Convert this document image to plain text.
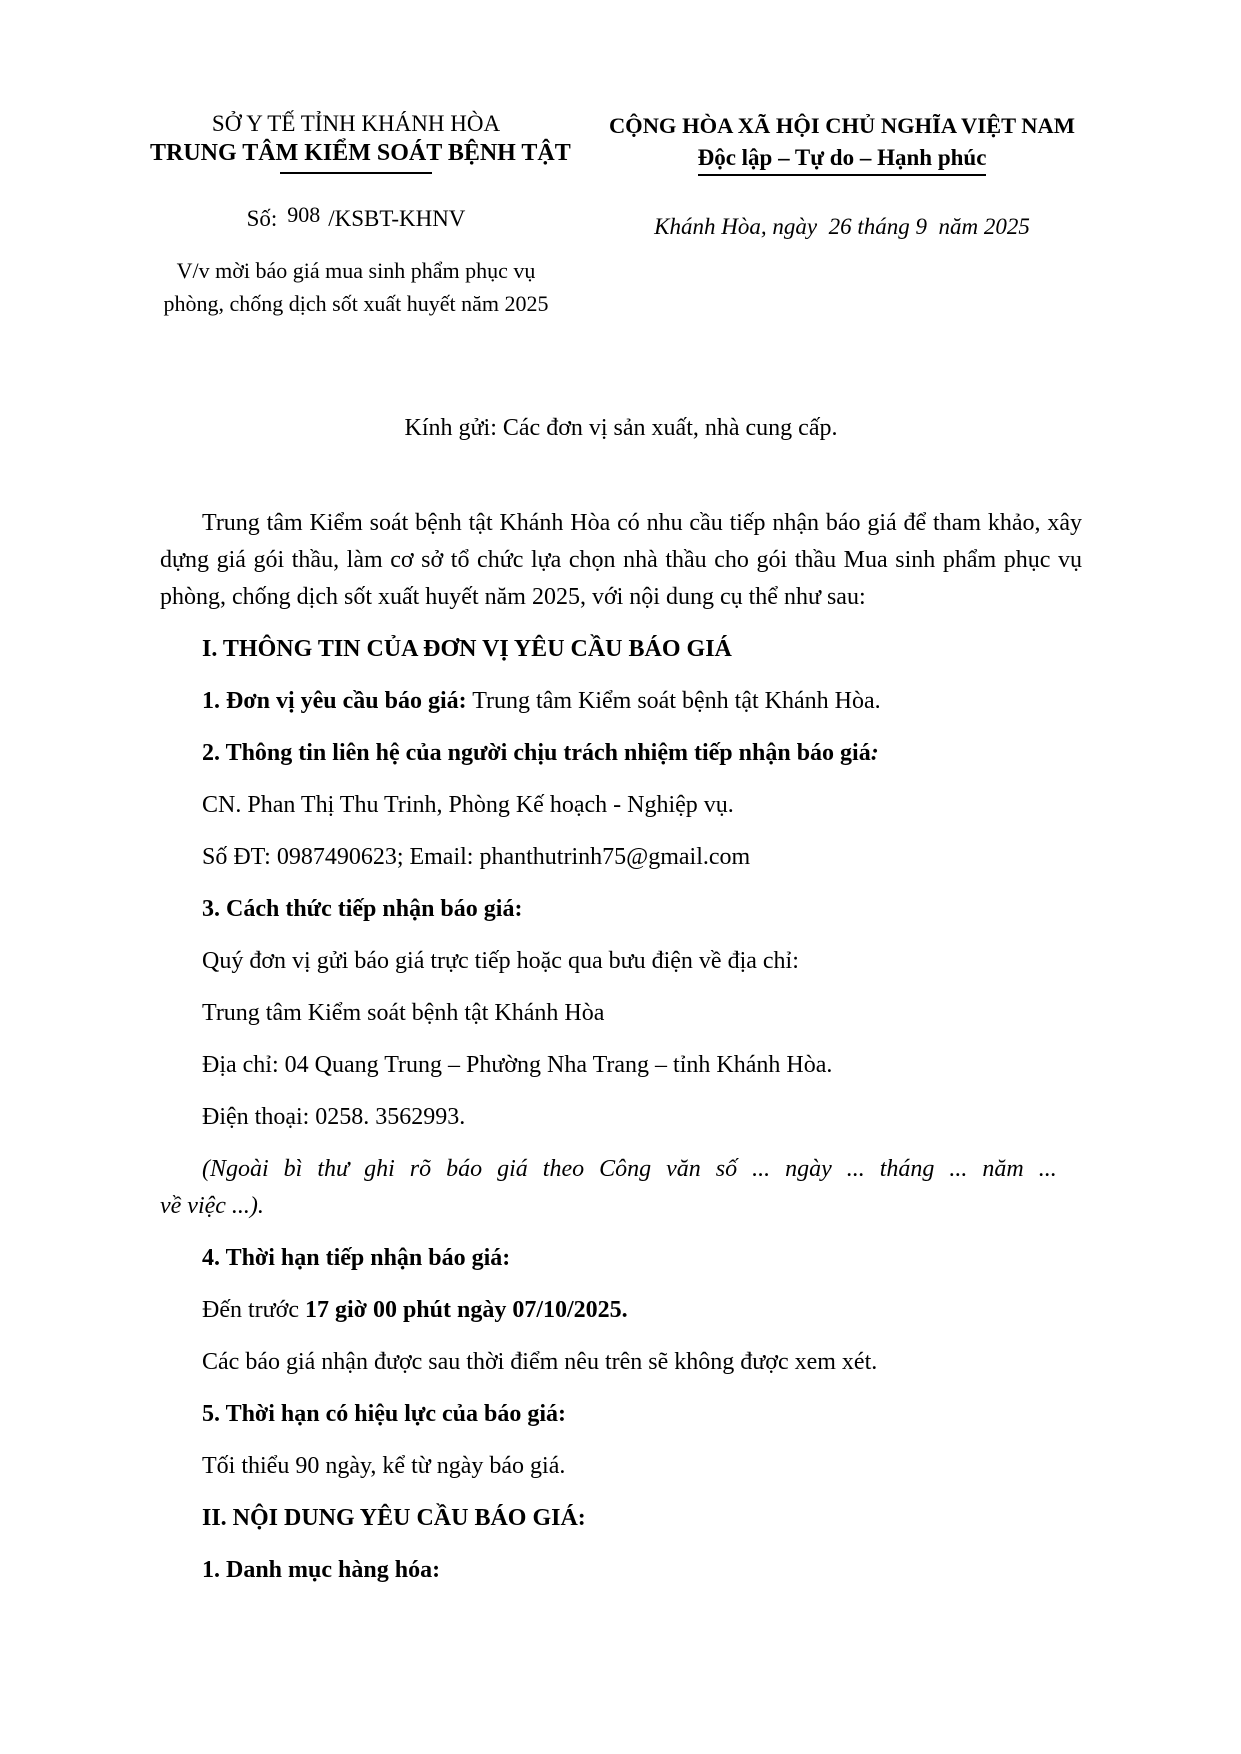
SỞ Y TẾ TỈNH KHÁNH HÒA
TRUNG TÂM KIỂM SOÁT BỆNH TẬT
Số: 908 /KSBT-KHNV
V/v mời báo giá mua sinh phẩm phục vụ
phòng, chống dịch sốt xuất huyết năm 2025
CỘNG HÒA XÃ HỘI CHỦ NGHĨA VIỆT NAM
Độc lập – Tự do – Hạnh phúc
Khánh Hòa, ngày  26 tháng 9  năm 2025
Kính gửi: Các đơn vị sản xuất, nhà cung cấp.

Trung tâm Kiểm soát bệnh tật Khánh Hòa có nhu cầu tiếp nhận báo giá để tham khảo, xây dựng giá gói thầu, làm cơ sở tổ chức lựa chọn nhà thầu cho gói thầu Mua sinh phẩm phục vụ phòng, chống dịch sốt xuất huyết năm 2025, với nội dung cụ thể như sau:

I. THÔNG TIN CỦA ĐƠN VỊ YÊU CẦU BÁO GIÁ

1. Đơn vị yêu cầu báo giá: Trung tâm Kiểm soát bệnh tật Khánh Hòa.

2. Thông tin liên hệ của người chịu trách nhiệm tiếp nhận báo giá:

CN. Phan Thị Thu Trinh, Phòng Kế hoạch - Nghiệp vụ.

Số ĐT: 0987490623; Email: phanthutrinh75@gmail.com

3. Cách thức tiếp nhận báo giá:

Quý đơn vị gửi báo giá trực tiếp hoặc qua bưu điện về địa chỉ:

Trung tâm Kiểm soát bệnh tật Khánh Hòa

Địa chỉ: 04 Quang Trung – Phường Nha Trang – tỉnh Khánh Hòa.

Điện thoại: 0258. 3562993.

(Ngoài bì thư ghi rõ báo giá theo Công văn số ... ngày ... tháng ... năm ...
về việc ...).

4. Thời hạn tiếp nhận báo giá:

Đến trước 17 giờ 00 phút ngày 07/10/2025.

Các báo giá nhận được sau thời điểm nêu trên sẽ không được xem xét.

5. Thời hạn có hiệu lực của báo giá:

Tối thiểu 90 ngày, kể từ ngày báo giá.

II. NỘI DUNG YÊU CẦU BÁO GIÁ:

1. Danh mục hàng hóa:
